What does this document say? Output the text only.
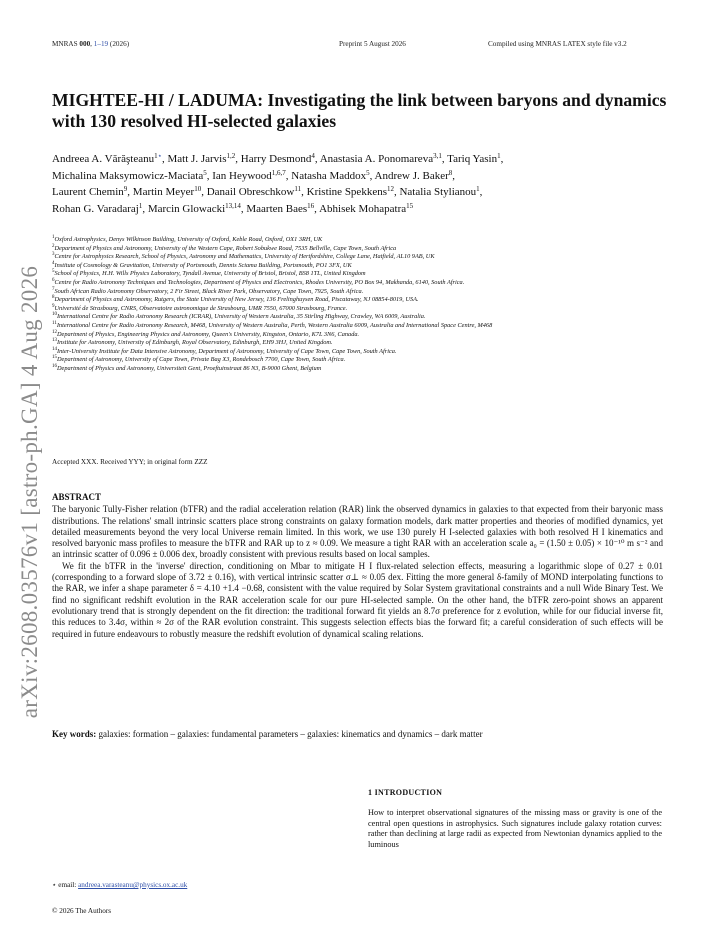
MNRAS 000, 1–19 (2026)	Preprint 5 August 2026	Compiled using MNRAS LATEX style file v3.2
arXiv:2608.03576v1 [astro-ph.GA] 4 Aug 2026
MIGHTEE-HI / LADUMA: Investigating the link between baryons and dynamics with 130 resolved HI-selected galaxies
Andreea A. Vărăşteanu$^{1⋆}$, Matt J. Jarvis$^{1,2}$, Harry Desmond$^4$, Anastasia A. Ponomareva$^{3,1}$, Tariq Yasin$^1$,
Michalina Maksymowicz-Maciata$^5$, Ian Heywood$^{1,6,7}$, Natasha Maddox$^5$, Andrew J. Baker$^8$,
Laurent Chemin$^9$, Martin Meyer$^{10}$, Danail Obreschkow$^{11}$, Kristine Spekkens$^{12}$, Natalia Stylianou$^1$,
Rohan G. Varadaraj$^1$, Marcin Glowacki$^{13,14}$, Maarten Baes$^{16}$, Abhisek Mohapatra$^{15}$
$^1$Oxford Astrophysics, Denys Wilkinson Building, University of Oxford, Keble Road, Oxford, OX1 3RH, UK
$^2$Department of Physics and Astronomy, University of the Western Cape, Robert Sobukwe Road, 7535 Bellville, Cape Town, South Africa
$^3$Centre for Astrophysics Research, School of Physics, Astronomy and Mathematics, University of Hertfordshire, College Lane, Hatfield, AL10 9AB, UK
$^4$Institute of Cosmology & Gravitation, University of Portsmouth, Dennis Sciama Building, Portsmouth, PO1 3FX, UK
$^5$School of Physics, H.H. Wills Physics Laboratory, Tyndall Avenue, University of Bristol, Bristol, BS8 1TL, United Kingdom
$^6$Centre for Radio Astronomy Techniques and Technologies, Department of Physics and Electronics, Rhodes University, PO Box 94, Makhanda, 6140, South Africa.
$^7$South African Radio Astronomy Observatory, 2 Fir Street, Black River Park, Observatory, Cape Town, 7925, South Africa.
$^8$Department of Physics and Astronomy, Rutgers, the State University of New Jersey, 136 Frelinghuysen Road, Piscataway, NJ 08854-8019, USA.
$^9$Université de Strasbourg, CNRS, Observatoire astronomique de Strasbourg, UMR 7550, 67000 Strasbourg, France.
$^{10}$International Centre for Radio Astronomy Research (ICRAR), University of Western Australia, 35 Stirling Highway, Crawley, WA 6009, Australia.
$^{11}$International Centre for Radio Astronomy Research, M468, University of Western Australia, Perth, Western Australia 6009, Australia and International Space Centre, M468
$^{12}$Department of Physics, Engineering Physics and Astronomy, Queen's University, Kingston, Ontario, K7L 3N6, Canada.
$^{13}$Institute for Astronomy, University of Edinburgh, Royal Observatory, Edinburgh, EH9 3HJ, United Kingdom.
$^{14}$Inter-University Institute for Data Intensive Astronomy, Department of Astronomy, University of Cape Town, Cape Town, South Africa.
$^{15}$Department of Astronomy, University of Cape Town, Private Bag X3, Rondebosch 7700, Cape Town, South Africa.
$^{16}$Department of Physics and Astronomy, Universiteit Gent, Proeftuinstraat 86 N3, B-9000 Ghent, Belgium
Accepted XXX. Received YYY; in original form ZZZ
ABSTRACT

The baryonic Tully-Fisher relation (bTFR) and the radial acceleration relation (RAR) link the observed dynamics in galaxies to that expected from their baryonic mass distributions. The relations' small intrinsic scatters place strong constraints on galaxy formation models, dark matter properties and theories of modified dynamics, yet detailed measurements beyond the very local Universe remain limited. In this work, we use 130 purely H I-selected galaxies with both resolved H I kinematics and resolved baryonic mass profiles to measure the bTFR and RAR up to z ≈ 0.09. We measure a tight RAR with an acceleration scale a₀ = (1.50 ± 0.05) × 10⁻¹⁰ m s⁻² and an intrinsic scatter of 0.096 ± 0.006 dex, broadly consistent with previous results based on local samples.

We fit the bTFR in the 'inverse' direction, conditioning on Mbar to mitigate H I flux-related selection effects, measuring a logarithmic slope of 0.27 ± 0.01 (corresponding to a forward slope of 3.72 ± 0.16), with vertical intrinsic scatter σ⊥ ≈ 0.05 dex. Fitting the more general δ-family of MOND interpolating functions to the RAR, we infer a shape parameter δ = 4.10 +1.4 −0.68, consistent with the value required by Solar System gravitational constraints and a null Wide Binary Test. We find no significant redshift evolution in the RAR acceleration scale for our pure HI-selected sample. On the other hand, the bTFR zero-point shows an apparent evolutionary trend that is strongly dependent on the fit direction: the traditional forward fit yields an 8.7σ preference for z evolution, while for our fiducial inverse fit, this reduces to 3.4σ, within ≈ 2σ of the RAR evolution constraint. This suggests selection effects bias the forward fit; a careful consideration of such effects will be required in future endeavours to robustly measure the redshift evolution of dynamical scaling relations.

Key words: galaxies: formation – galaxies: fundamental parameters – galaxies: kinematics and dynamics – dark matter
1 INTRODUCTION
How to interpret observational signatures of the missing mass or gravity is one of the central open questions in astrophysics. Such signatures include galaxy rotation curves: rather than declining at large radii as expected from Newtonian dynamics applied to the luminous
⋆ email: andreea.varasteanu@physics.ox.ac.uk
© 2026 The Authors
